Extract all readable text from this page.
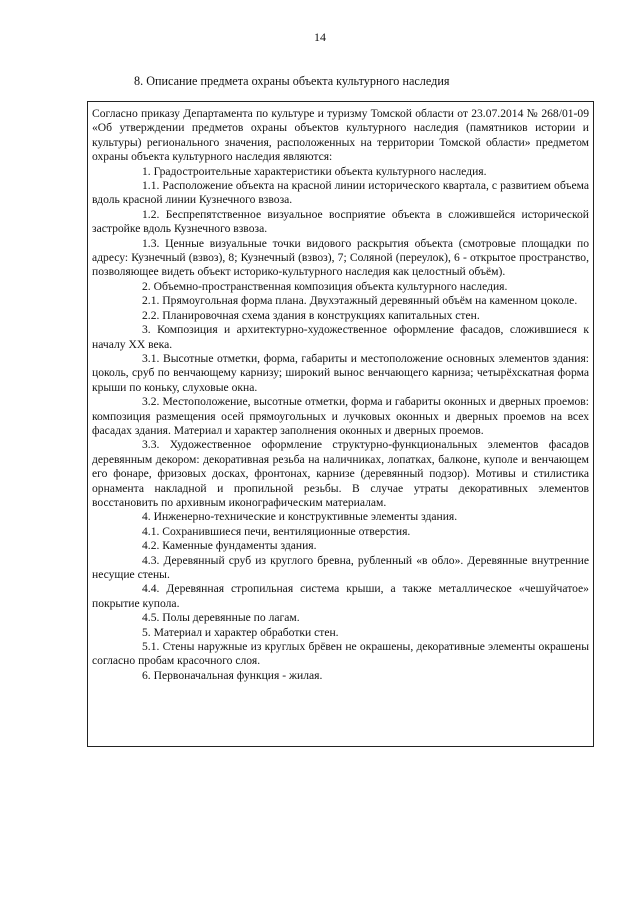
14
8. Описание предмета охраны объекта культурного наследия

Согласно приказу Департамента по культуре и туризму Томской области от 23.07.2014 № 268/01-09 «Об утверждении предметов охраны объектов культурного наследия (памятников истории и культуры) регионального значения, расположенных на территории Томской области» предметом охраны объекта культурного наследия являются:

1. Градостроительные характеристики объекта культурного наследия.

1.1. Расположение объекта на красной линии исторического квартала, с развитием объема вдоль красной линии Кузнечного взвоза.

1.2. Беспрепятственное визуальное восприятие объекта в сложившейся исторической застройке вдоль Кузнечного взвоза.

1.3. Ценные визуальные точки видового раскрытия объекта (смотровые площадки по адресу: Кузнечный (взвоз), 8; Кузнечный (взвоз), 7; Соляной (переулок), 6 - открытое пространство, позволяющее видеть объект историко-культурного наследия как целостный объём).

2. Объемно-пространственная композиция объекта культурного наследия.

2.1. Прямоугольная форма плана. Двухэтажный деревянный объём на каменном цоколе.

2.2. Планировочная схема здания в конструкциях капитальных стен.

3. Композиция и архитектурно-художественное оформление фасадов, сложившиеся к началу ХХ века.

3.1. Высотные отметки, форма, габариты и местоположение основных элементов здания: цоколь, сруб по венчающему карнизу; широкий вынос венчающего карниза; четырёхскатная форма крыши по коньку, слуховые окна.

3.2. Местоположение, высотные отметки, форма и габариты оконных и дверных проемов: композиция размещения осей прямоугольных и лучковых оконных и дверных проемов на всех фасадах здания. Материал и характер заполнения оконных и дверных проемов.

3.3. Художественное оформление структурно-функциональных элементов фасадов деревянным декором: декоративная резьба на наличниках, лопатках, балконе, куполе и венчающем его фонаре, фризовых досках, фронтонах, карнизе (деревянный подзор). Мотивы и стилистика орнамента накладной и пропильной резьбы. В случае утраты декоративных элементов восстановить по архивным иконографическим материалам.

4. Инженерно-технические и конструктивные элементы здания.

4.1. Сохранившиеся печи, вентиляционные отверстия.

4.2. Каменные фундаменты здания.

4.3. Деревянный сруб из круглого бревна, рубленный «в обло». Деревянные внутренние несущие стены.

4.4. Деревянная стропильная система крыши, а также металлическое «чешуйчатое» покрытие купола.

4.5. Полы деревянные по лагам.

5. Материал и характер обработки стен.

5.1. Стены наружные из круглых брёвен не окрашены, декоративные элементы окрашены согласно пробам красочного слоя.

6. Первоначальная функция - жилая.
